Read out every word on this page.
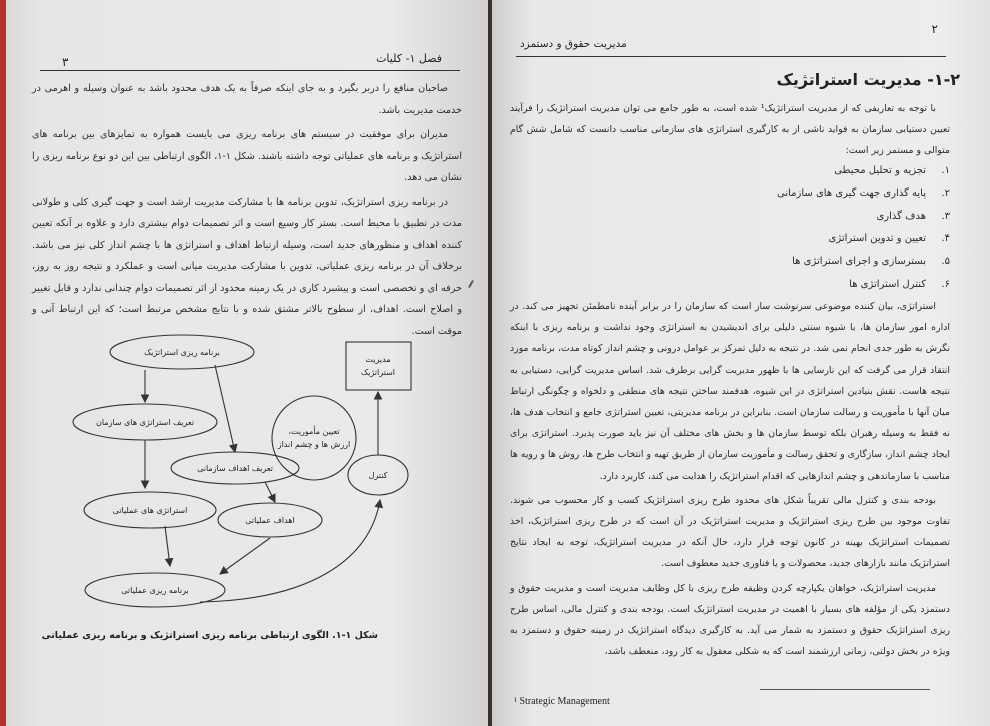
۳	فصل ۱- کلیات

صاحبان منافع را دربر بگیرد و به جای اینکه صرفاً به یک هدف محدود باشد به عنوان وسیله و اهرمی در خدمت مدیریت باشد.

مدیران برای موفقیت در سیستم های برنامه ریزی می بایست همواره به تمایزهای بین برنامه های استراتژیک و برنامه های عملیاتی توجه داشته باشند. شکل ۱-۱، الگوی ارتباطی بین این دو نوع برنامه ریزی را نشان می دهد.

در برنامه ریزی استراتژیک، تدوین برنامه ها با مشارکت مدیریت ارشد است و جهت گیری کلی و طولانی مدت در تطبیق با محیط است. بستر کار وسیع است و اثر تصمیمات دوام بیشتری دارد و علاوه بر آنکه تعیین کننده اهداف و منظورهای جدید است، وسیله ارتباط اهداف و استراتژی ها با چشم انداز کلی نیز می باشد. برخلاف آن در برنامه ریزی عملیاتی، تدوین با مشارکت مدیریت میانی است و عملکرد و نتیجه روز به روز، حرفه ای و تخصصی است و پیشبرد کاری در یک زمینه محدود از اثر تصمیمات دوام چندانی ندارد و قابل تغییر و اصلاح است. اهداف، از سطوح بالاتر مشتق شده و با نتایج مشخص مرتبط است؛ که این ارتباط آنی و موقت است.

برنامه ریزی استراتژیک
تعریف استراتژی های سازمان
تعیین مأموریت،
ارزش ها و چشم انداز
تعریف اهداف سازمانی
استراتژی های عملیاتی
اهداف عملیاتی
برنامه ریزی عملیاتی
مدیریت
استراتژیک
کنترل
شکل ۱-۱. الگوی ارتباطی برنامه ریزی استراتژیک و برنامه ریزی عملیاتی
۲
مدیریت حقوق و دستمزد
۱-۲- مدیریت استراتژیک

با توجه به تعاریفی که از مدیریت استراتژیک¹ شده است، به طور جامع می توان مدیریت استراتژیک را فرآیند تعیین دستیابی سازمان به فواید ناشی از به کارگیری استراتژی های سازمانی مناسب دانست که شامل شش گام متوالی و مستمر زیر است:

۱.تجزیه و تحلیل محیطی
۲.پایه گذاری جهت گیری های سازمانی
۳.هدف گذاری
۴.تعیین و تدوین استراتژی
۵.بسترسازی و اجرای استراتژی ها
۶.کنترل استراتژی ها

استراتژی، بیان کننده موضوعی سرنوشت ساز است که سازمان را در برابر آینده نامطمئن تجهیز می کند. در اداره امور سازمان ها، با شیوه سنتی دلیلی برای اندیشیدن به استراتژی وجود نداشت و برنامه ریزی با اینکه نگرش به طور جدی انجام نمی شد. در نتیجه به دلیل تمرکز بر عوامل درونی و چشم انداز کوتاه مدت، برنامه مورد انتقاد قرار می گرفت که این نارسایی ها با ظهور مدیریت گرایی برطرف شد. اساس مدیریت گرایی، دستیابی به نتیجه هاست. نقش بنیادین استراتژی در این شیوه، هدفمند ساختن نتیجه های منطقی و دلخواه و چگونگی ارتباط میان آنها با مأموریت و رسالت سازمان است. بنابراین در برنامه مدیریتی، تعیین استراتژی جامع و انتخاب هدف ها، نه فقط به وسیله رهبران بلکه توسط سازمان ها و بخش های مختلف آن نیز باید صورت پذیرد. استراتژی برای ایجاد چشم انداز، سازگاری و تحقق رسالت و مأموریت سازمان از طریق تهیه و انتخاب طرح ها، روش ها و رویه ها مناسب با سازماندهی و چشم اندازهایی که اقدام استراتژیک را هدایت می کند، کاربرد دارد.

بودجه بندی و کنترل مالی تقریباً شکل های محدود طرح ریزی استراتژیک کسب و کار محسوب می شوند. تفاوت موجود بین طرح ریزی استراتژیک و مدیریت استراتژیک در آن است که در طرح ریزی استراتژیک، اخذ تصمیمات استراتژیک بهینه در کانون توجه قرار دارد، حال آنکه در مدیریت استراتژیک، توجه به ایجاد نتایج استراتژیک مانند بازارهای جدید، محصولات و یا فناوری جدید معطوف است.

مدیریت استراتژیک، خواهان یکپارچه کردن وظیفه طرح ریزی با کل وظایف مدیریت است و مدیریت حقوق و دستمزد یکی از مؤلفه های بسیار با اهمیت در مدیریت استراتژیک است. بودجه بندی و کنترل مالی، اساس طرح ریزی استراتژیک حقوق و دستمزد به شمار می آید. به کارگیری دیدگاه استراتژیک در زمینه حقوق و دستمزد به ویژه در بخش دولتی، زمانی ارزشمند است که به شکلی معقول به کار رود، منعطف باشد،

¹ Strategic Management
